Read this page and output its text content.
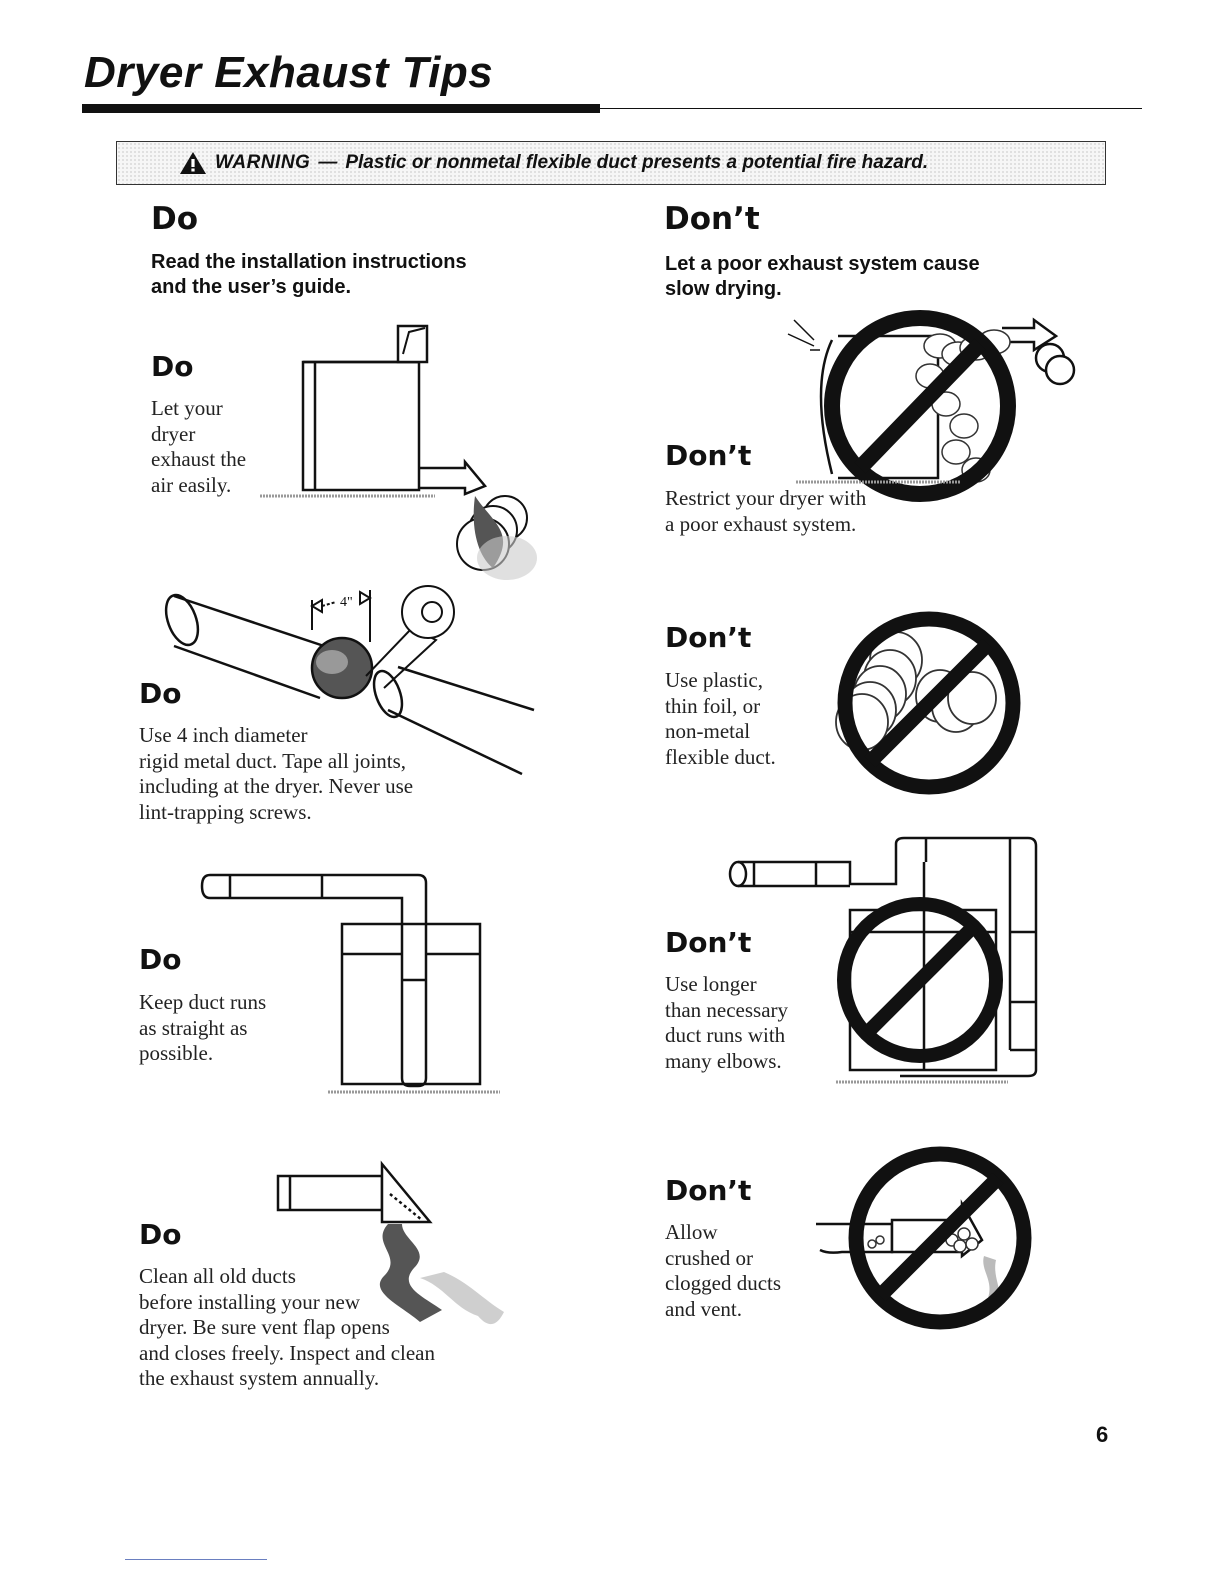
Dryer Exhaust Tips
WARNING — Plastic or nonmetal flexible duct presents a potential fire hazard.
Do
Read the installation instructions
and the user’s guide.
Do
Let your
dryer
exhaust the
air easily.
4"
Do
Use 4 inch diameter
rigid metal duct. Tape all joints,
including at the dryer. Never use
lint-trapping screws.
Do
Keep duct runs
as straight as
possible.
Do
Clean all old ducts
before installing your new
dryer. Be sure vent flap opens
and closes freely. Inspect and clean
the exhaust system annually.
Don’t
Let a poor exhaust system cause
slow drying.
Don’t
Restrict your dryer with
a poor exhaust system.
Don’t
Use plastic,
thin foil, or
non-metal
flexible duct.
Don’t
Use longer
than necessary
duct runs with
many elbows.
Don’t
Allow
crushed or
clogged ducts
and vent.
6
